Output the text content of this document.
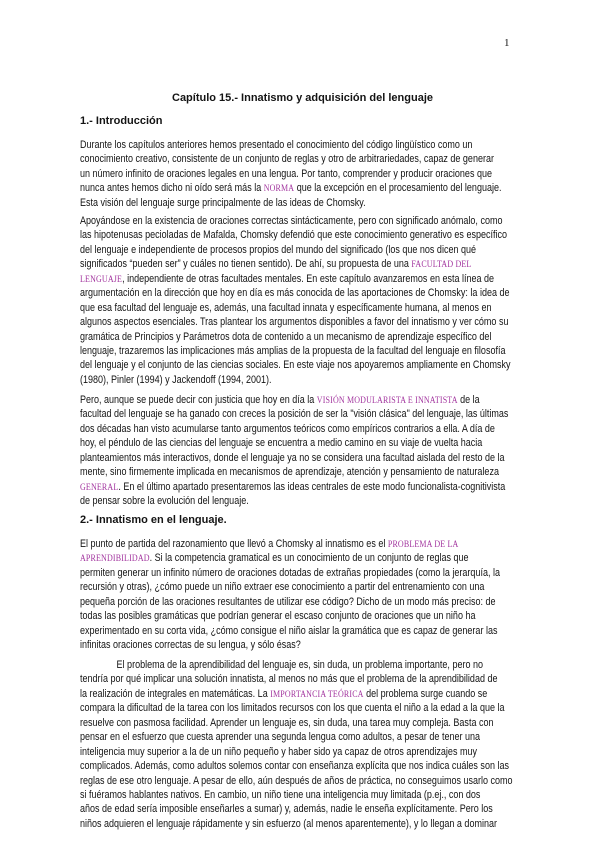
1
Capítulo 15.- Innatismo y adquisición del lenguaje
1.- Introducción
Durante los capítulos anteriores hemos presentado el conocimiento del código lingüístico como un
conocimiento creativo, consistente de un conjunto de reglas y otro de arbitrariedades, capaz de generar
un número infinito de oraciones legales en una lengua. Por tanto, comprender y producir oraciones que
nunca antes hemos dicho ni oído será más la NORMA que la excepción en el procesamiento del lenguaje.
Esta visión del lenguaje surge principalmente de las ideas de Chomsky.
Apoyándose en la existencia de oraciones correctas sintácticamente, pero con significado anómalo, como
las hipotenusas pecioladas de Mafalda, Chomsky defendió que este conocimiento generativo es específico
del lenguaje e independiente de procesos propios del mundo del significado (los que nos dicen qué
significados “pueden ser” y cuáles no tienen sentido). De ahí, su propuesta de una FACULTAD DEL
LENGUAJE, independiente de otras facultades mentales. En este capítulo avanzaremos en esta línea de
argumentación en la dirección que hoy en día es más conocida de las aportaciones de Chomsky: la idea de
que esa facultad del lenguaje es, además, una facultad innata y específicamente humana, al menos en
algunos aspectos esenciales. Tras plantear los argumentos disponibles a favor del innatismo y ver cómo su
gramática de Principios y Parámetros dota de contenido a un mecanismo de aprendizaje específico del
lenguaje, trazaremos las implicaciones más amplias de la propuesta de la facultad del lenguaje en filosofía
del lenguaje y el conjunto de las ciencias sociales. En este viaje nos apoyaremos ampliamente en Chomsky
(1980), Pinler (1994) y Jackendoff (1994, 2001).
Pero, aunque se puede decir con justicia que hoy en día la VISIÓN MODULARISTA E INNATISTA de la
facultad del lenguaje se ha ganado con creces la posición de ser la "visión clásica" del lenguaje, las últimas
dos décadas han visto acumularse tanto argumentos teóricos como empíricos contrarios a ella. A día de
hoy, el péndulo de las ciencias del lenguaje se encuentra a medio camino en su viaje de vuelta hacia
planteamientos más interactivos, donde el lenguaje ya no se considera una facultad aislada del resto de la
mente, sino firmemente implicada en mecanismos de aprendizaje, atención y pensamiento de naturaleza
GENERAL. En el último apartado presentaremos las ideas centrales de este modo funcionalista-cognitivista
de pensar sobre la evolución del lenguaje.
2.- Innatismo en el lenguaje.
El punto de partida del razonamiento que llevó a Chomsky al innatismo es el PROBLEMA DE LA
APRENDIBILIDAD. Si la competencia gramatical es un conocimiento de un conjunto de reglas que
permiten generar un infinito número de oraciones dotadas de extrañas propiedades (como la jerarquía, la
recursión y otras), ¿cómo puede un niño extraer ese conocimiento a partir del entrenamiento con una
pequeña porción de las oraciones resultantes de utilizar ese código? Dicho de un modo más preciso: de
todas las posibles gramáticas que podrían generar el escaso conjunto de oraciones que un niño ha
experimentado en su corta vida, ¿cómo consigue el niño aislar la gramática que es capaz de generar las
infinitas oraciones correctas de su lengua, y sólo ésas?
El problema de la aprendibilidad del lenguaje es, sin duda, un problema importante, pero no
tendría por qué implicar una solución innatista, al menos no más que el problema de la aprendibilidad de
la realización de integrales en matemáticas. La IMPORTANCIA TEÓRICA del problema surge cuando se
compara la dificultad de la tarea con los limitados recursos con los que cuenta el niño a la edad a la que la
resuelve con pasmosa facilidad. Aprender un lenguaje es, sin duda, una tarea muy compleja. Basta con
pensar en el esfuerzo que cuesta aprender una segunda lengua como adultos, a pesar de tener una
inteligencia muy superior a la de un niño pequeño y haber sido ya capaz de otros aprendizajes muy
complicados. Además, como adultos solemos contar con enseñanza explícita que nos indica cuáles son las
reglas de ese otro lenguaje. A pesar de ello, aún después de años de práctica, no conseguimos usarlo como
si fuéramos hablantes nativos. En cambio, un niño tiene una inteligencia muy limitada (p.ej., con dos
años de edad sería imposible enseñarles a sumar) y, además, nadie le enseña explícitamente. Pero los
niños adquieren el lenguaje rápidamente y sin esfuerzo (al menos aparentemente), y lo llegan a dominar
